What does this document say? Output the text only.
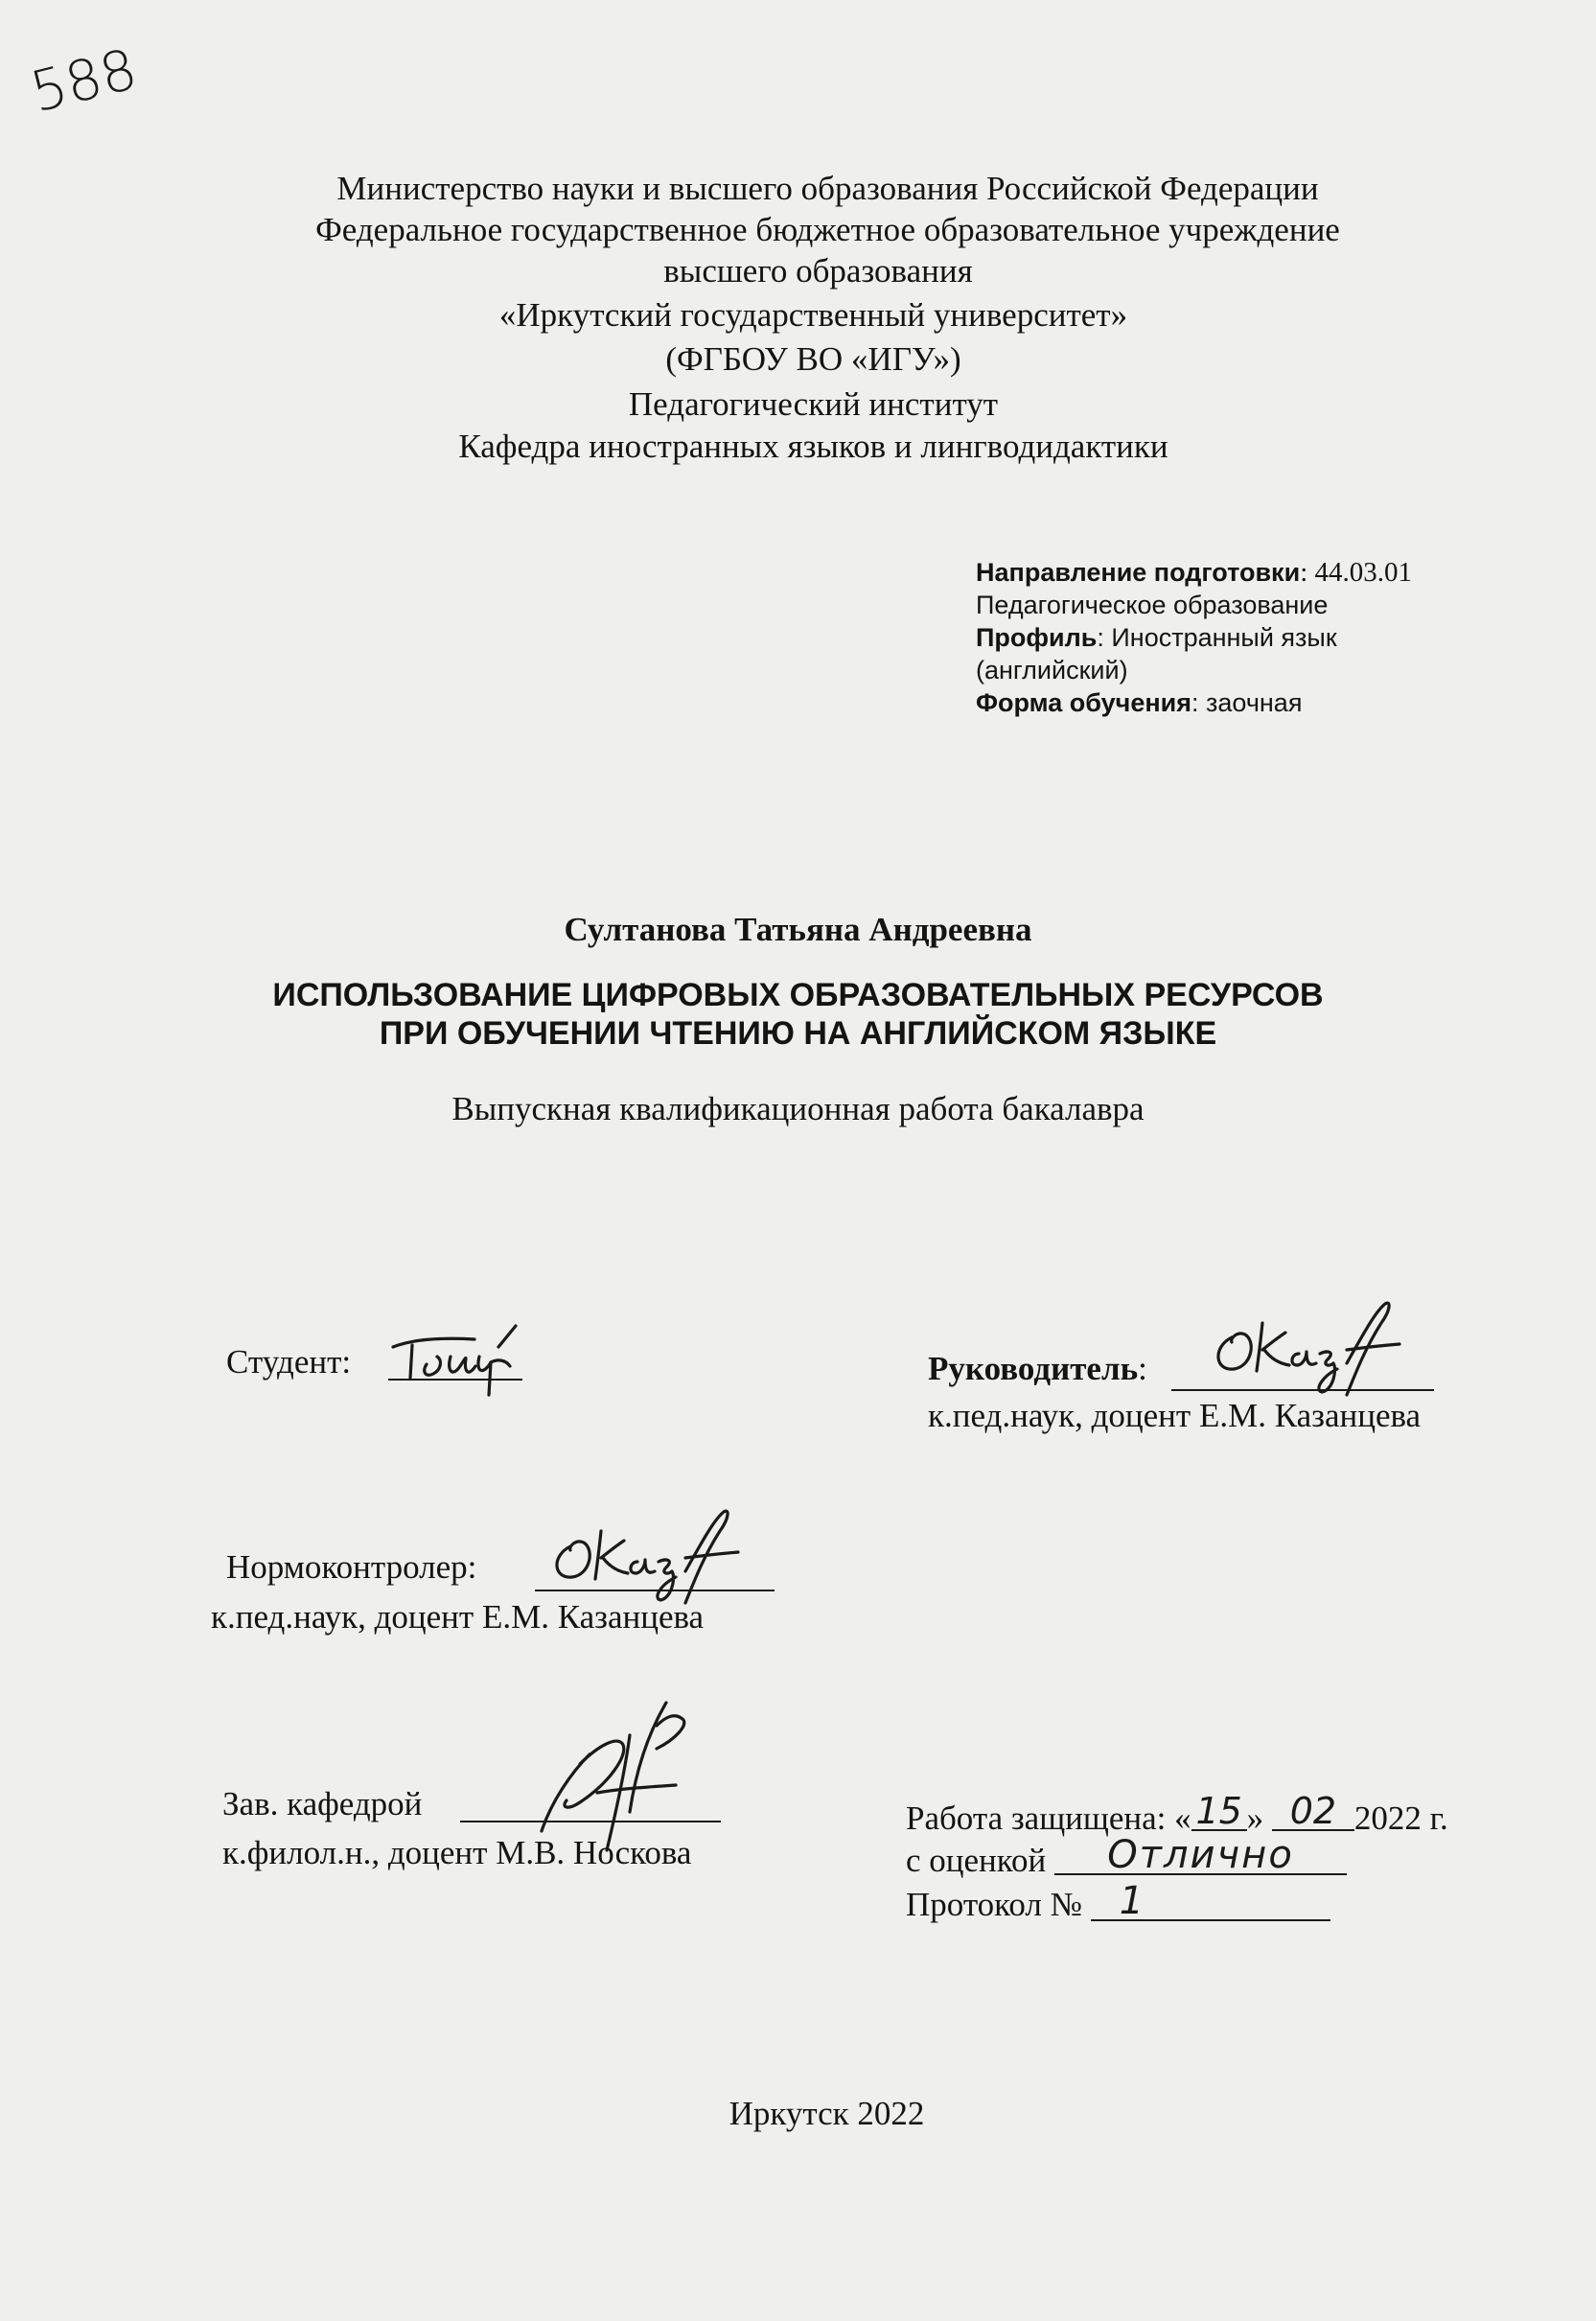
588
Министерство науки и высшего образования Российской Федерации
Федеральное государственное бюджетное образовательное учреждение
высшего образования
«Иркутский государственный университет»
(ФГБОУ ВО «ИГУ»)
Педагогический институт
Кафедра иностранных языков и лингводидактики
Направление подготовки: 44.03.01
Педагогическое образование
Профиль: Иностранный язык
(английский)
Форма обучения: заочная
Султанова Татьяна Андреевна
ИСПОЛЬЗОВАНИЕ ЦИФРОВЫХ ОБРАЗОВАТЕЛЬНЫХ РЕСУРСОВ
ПРИ ОБУЧЕНИИ ЧТЕНИЮ НА АНГЛИЙСКОМ ЯЗЫКЕ
Выпускная квалификационная работа бакалавра
Студент:	Руководитель:
к.пед.наук, доцент Е.М. Казанцева
Нормоконтролер:
к.пед.наук, доцент Е.М. Казанцева
Зав. кафедрой
к.филол.н., доцент М.В. Носкова
Работа защищена: « 15 » 02 2022 г.
с оценкой Отлично
Протокол № 1
Иркутск 2022
